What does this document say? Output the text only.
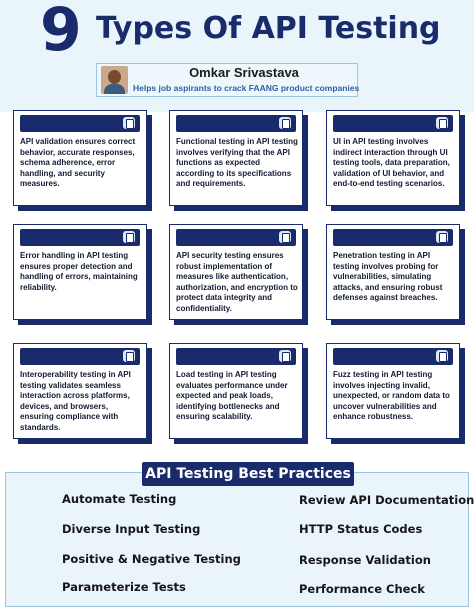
9 Types Of API Testing
Omkar Srivastava
Helps job aspirants to crack FAANG product companies
API validation ensures correct behavior, accurate responses, schema adherence, error handling, and security measures.
Functional testing in API testing involves verifying that the API functions as expected according to its specifications and requirements.
UI in API testing involves indirect interaction through UI testing tools, data preparation, validation of UI behavior, and end-to-end testing scenarios.
Error handling in API testing ensures proper detection and handling of errors, maintaining reliability.
API security testing ensures robust implementation of measures like authentication, authorization, and encryption to protect data integrity and confidentiality.
Penetration testing in API testing involves probing for vulnerabilities, simulating attacks, and ensuring robust defenses against breaches.
Interoperability testing in API testing validates seamless interaction across platforms, devices, and browsers, ensuring compliance with standards.
Load testing in API testing evaluates performance under expected and peak loads, identifying bottlenecks and ensuring scalability.
Fuzz testing in API testing involves injecting invalid, unexpected, or random data to uncover vulnerabilities and enhance robustness.
API Testing Best Practices
Automate Testing
Diverse Input Testing
Positive & Negative Testing
Parameterize Tests
Review API Documentation
HTTP Status Codes
Response Validation
Performance Check
